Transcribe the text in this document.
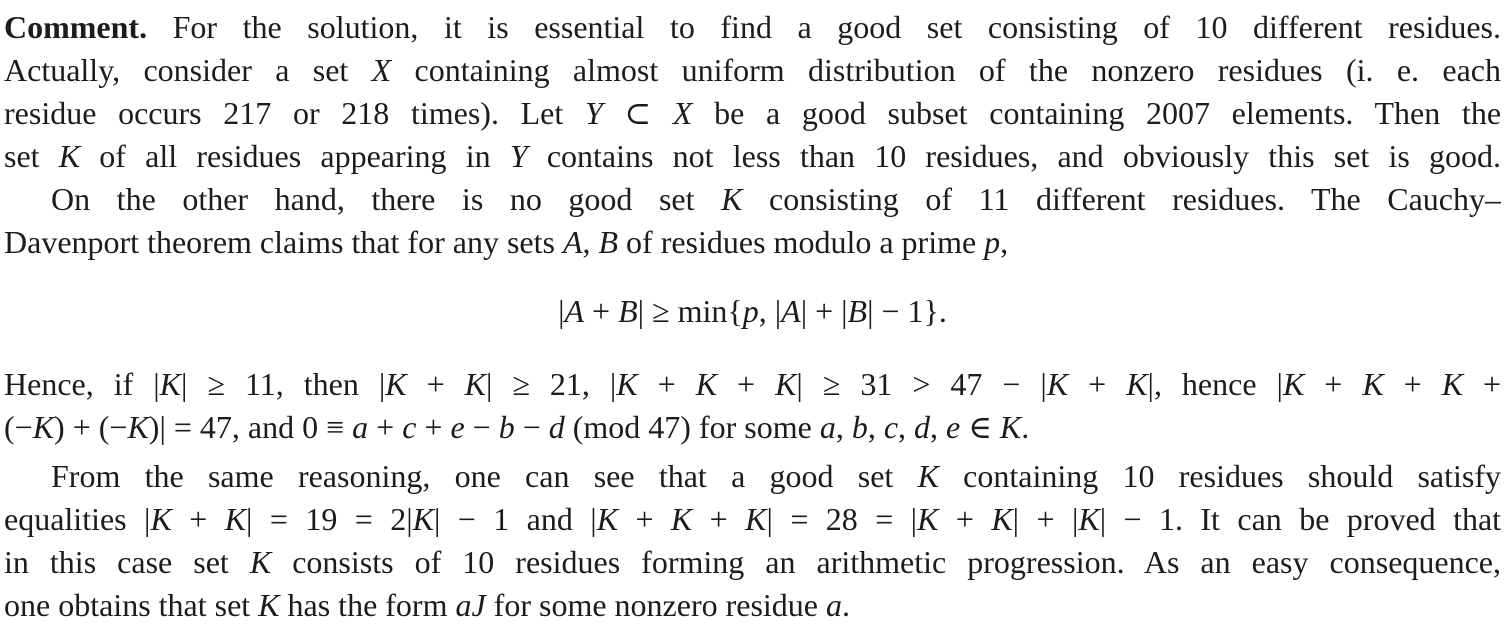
Comment. For the solution, it is essential to find a good set consisting of 10 different residues.
Actually, consider a set X containing almost uniform distribution of the nonzero residues (i. e. each
residue occurs 217 or 218 times). Let Y ⊂ X be a good subset containing 2007 elements. Then the
set K of all residues appearing in Y contains not less than 10 residues, and obviously this set is good.
On the other hand, there is no good set K consisting of 11 different residues. The Cauchy–
Davenport theorem claims that for any sets A, B of residues modulo a prime p,
|A + B| ≥ min{p, |A| + |B| − 1}.
Hence, if |K| ≥ 11, then |K + K| ≥ 21, |K + K + K| ≥ 31 > 47 − |K + K|, hence |K + K + K +
(−K) + (−K)| = 47, and 0 ≡ a + c + e − b − d (mod 47) for some a, b, c, d, e ∈ K.
From the same reasoning, one can see that a good set K containing 10 residues should satisfy
equalities |K + K| = 19 = 2|K| − 1 and |K + K + K| = 28 = |K + K| + |K| − 1. It can be proved that
in this case set K consists of 10 residues forming an arithmetic progression. As an easy consequence,
one obtains that set K has the form aJ for some nonzero residue a.
